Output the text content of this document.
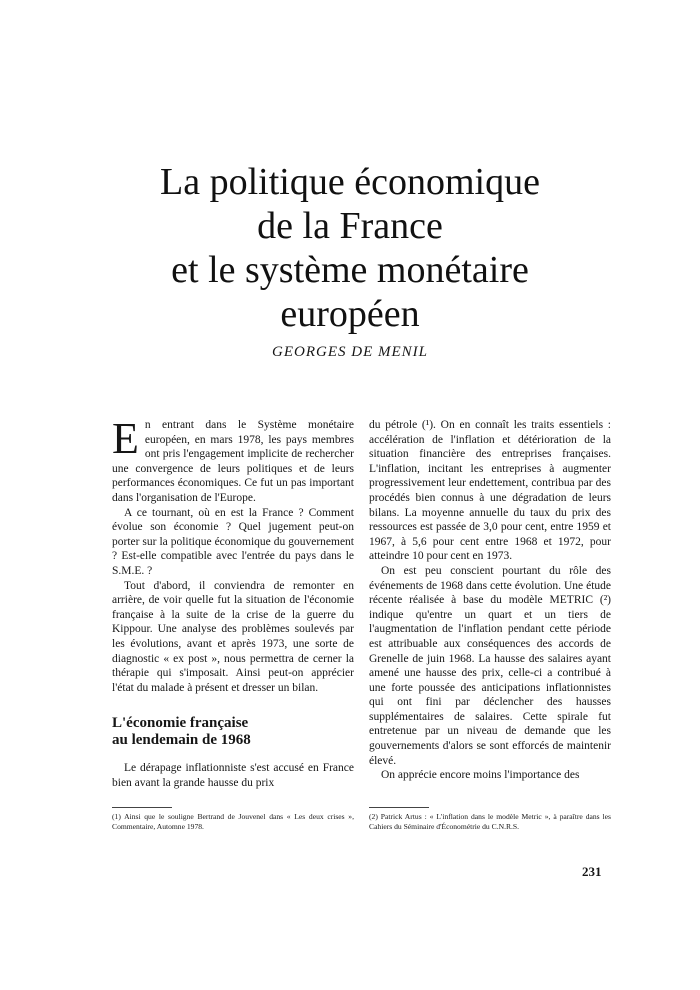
La politique économique
de la France
et le système monétaire
européen

GEORGES DE MENIL

En entrant dans le Système monétaire européen, en mars 1978, les pays membres ont pris l'engagement implicite de rechercher une convergence de leurs politiques et de leurs performances économiques. Ce fut un pas important dans l'organisation de l'Europe.

A ce tournant, où en est la France ? Comment évolue son économie ? Quel jugement peut-on porter sur la politique économique du gouvernement ? Est-elle compatible avec l'entrée du pays dans le S.M.E. ?

Tout d'abord, il conviendra de remonter en arrière, de voir quelle fut la situation de l'économie française à la suite de la crise de la guerre du Kippour. Une analyse des problèmes soulevés par les évolutions, avant et après 1973, une sorte de diagnostic « ex post », nous permettra de cerner la thérapie qui s'imposait. Ainsi peut-on apprécier l'état du malade à présent et dresser un bilan.

L'économie française
au lendemain de 1968

Le dérapage inflationniste s'est accusé en France bien avant la grande hausse du prix

du pétrole (¹). On en connaît les traits essentiels : accélération de l'inflation et détérioration de la situation financière des entreprises françaises. L'inflation, incitant les entreprises à augmenter progressivement leur endettement, contribua par des procédés bien connus à une dégradation de leurs bilans. La moyenne annuelle du taux du prix des ressources est passée de 3,0 pour cent, entre 1959 et 1967, à 5,6 pour cent entre 1968 et 1972, pour atteindre 10 pour cent en 1973.

On est peu conscient pourtant du rôle des événements de 1968 dans cette évolution. Une étude récente réalisée à base du modèle METRIC (²) indique qu'entre un quart et un tiers de l'augmentation de l'inflation pendant cette période est attribuable aux conséquences des accords de Grenelle de juin 1968. La hausse des salaires ayant amené une hausse des prix, celle-ci a contribué à une forte poussée des anticipations inflationnistes qui ont fini par déclencher des hausses supplémentaires de salaires. Cette spirale fut entretenue par un niveau de demande que les gouvernements d'alors se sont efforcés de maintenir élevé.

On apprécie encore moins l'importance des

(1) Ainsi que le souligne Bertrand de Jouvenel dans « Les deux crises », Commentaire, Automne 1978.
(2) Patrick Artus : « L'inflation dans le modèle Metric », à paraître dans les Cahiers du Séminaire d'Économétrie du C.N.R.S.
231
